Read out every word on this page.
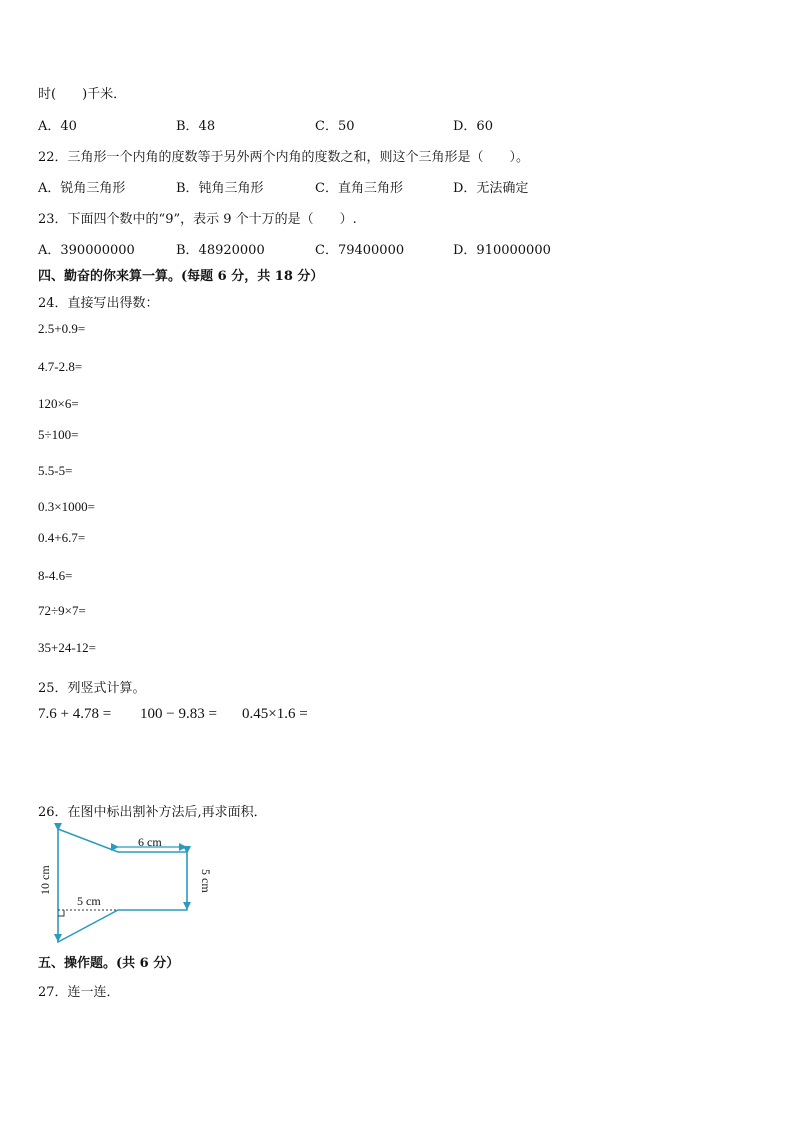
时(　　)千米．
A．40	B．48	C．50	D．60
22．三角形一个内角的度数等于另外两个内角的度数之和，则这个三角形是（　　）。
A．锐角三角形	B．钝角三角形	C．直角三角形	D．无法确定
23．下面四个数中的“9”，表示 9 个十万的是（　　）.
A．390000000	B．48920000	C．79400000	D．910000000
四、勤奋的你来算一算。(每题 6 分，共 18 分）
24．直接写出得数：
2.5+0.9=
4.7-2.8=
120×6=
5÷100=
5.5-5=
0.3×1000=
0.4+6.7=
8-4.6=
72÷9×7=
35+24-12=
25．列竖式计算。
7.6 + 4.78 = 100 − 9.83 = 0.45×1.6 =
26．在图中标出割补方法后,再求面积．
6 cm
5 cm
5 cm
10 cm
五、操作题。(共 6 分）
27．连一连．
